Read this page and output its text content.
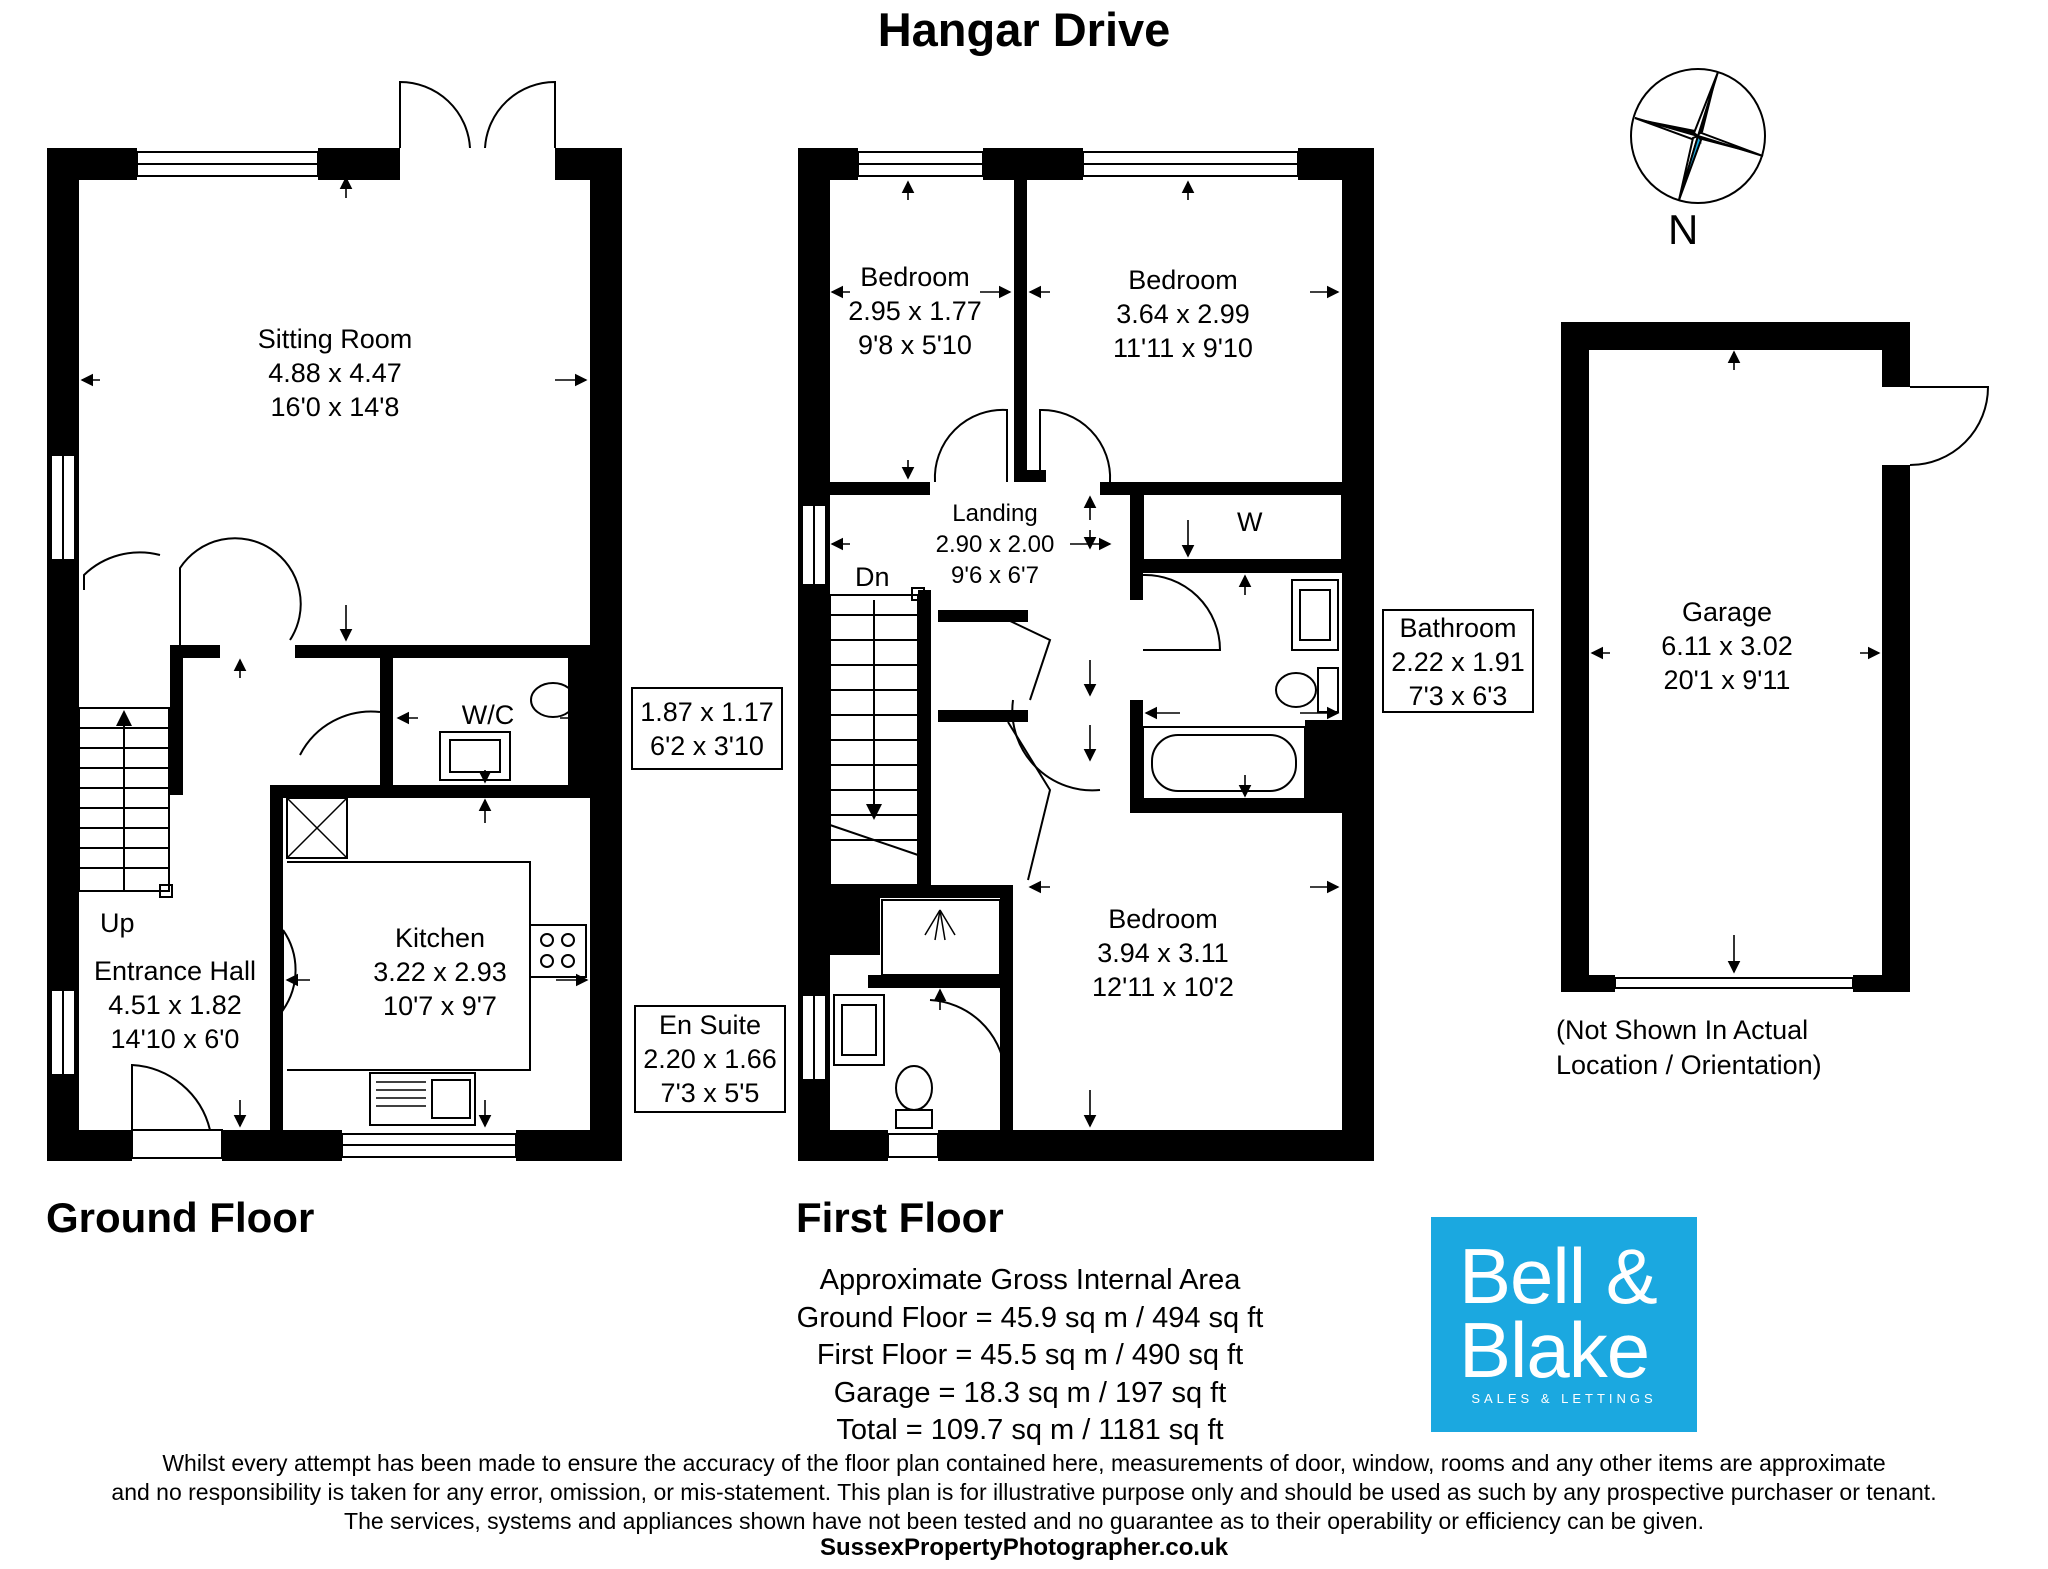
Hangar Drive
Sitting Room
4.88 x 4.47
16'0 x 14'8
W/C	1.87 x 1.17
6'2 x 3'10
Kitchen
3.22 x 2.93
10'7 x 9'7
Up
Entrance Hall
4.51 x 1.82
14'10 x 6'0
Bedroom
2.95 x 1.77
9'8 x 5'10
Bedroom
3.64 x 2.99
11'11 x 9'10
Landing
2.90 x 2.00
9'6 x 6'7
Dn
W
Bathroom
2.22 x 1.91
7'3 x 6'3
Bedroom
3.94 x 3.11
12'11 x 10'2
En Suite
2.20 x 1.66
7'3 x 5'5
Garage
6.11 x 3.02
20'1 x 9'11
(Not Shown In Actual
Location / Orientation)
N
Ground Floor	First Floor
Approximate Gross Internal Area
Ground Floor = 45.9 sq m / 494 sq ft
First Floor = 45.5 sq m / 490 sq ft
Garage = 18.3 sq m / 197 sq ft
Total = 109.7 sq m / 1181 sq ft
Bell &
Blake
SALES & LETTINGS
Whilst every attempt has been made to ensure the accuracy of the floor plan contained here, measurements of door, window, rooms and any other items are approximate
and no responsibility is taken for any error, omission, or mis-statement. This plan is for illustrative purpose only and should be used as such by any prospective purchaser or tenant.
The services, systems and appliances shown have not been tested and no guarantee as to their operability or efficiency can be given.
SussexPropertyPhotographer.co.uk
